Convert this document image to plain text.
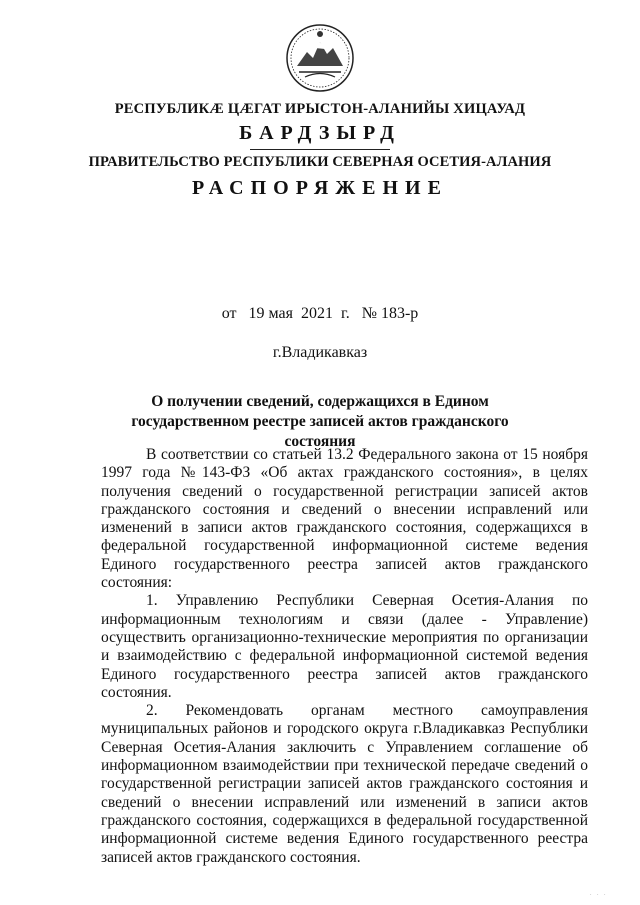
РЕСПУБЛИКӔ ЦӔГАТ ИРЫСТОН-АЛАНИЙЫ ХИЦАУАД
БАРДЗЫРД
ПРАВИТЕЛЬСТВО РЕСПУБЛИКИ СЕВЕРНАЯ ОСЕТИЯ-АЛАНИЯ
РАСПОРЯЖЕНИЕ
от 19 мая  2021  г. № 183-р
г.Владикавказ
О получении сведений, содержащихся в Едином государственном реестре записей актов гражданского состояния

В соответствии со статьей 13.2 Федерального закона от 15 ноября 1997 года №143-ФЗ «Об актах гражданского состояния», в целях получения сведений о государственной регистрации записей актов гражданского состояния и сведений о внесении исправлений или изменений в записи актов гражданского состояния, содержащихся в федеральной государственной информационной системе ведения Единого государственного реестра записей актов гражданского состояния:

1. Управлению Республики Северная Осетия-Алания по информационным технологиям и связи (далее - Управление) осуществить организационно-технические мероприятия по организации и взаимодействию с федеральной информационной системой ведения Единого государственного реестра записей актов гражданского состояния.

2. Рекомендовать органам местного самоуправления муниципальных районов и городского округа г.Владикавказ Республики Северная Осетия-Алания заключить с Управлением соглашение об информационном взаимодействии при технической передаче сведений о государственной регистрации записей актов гражданского состояния и сведений о внесении исправлений или изменений в записи актов гражданского состояния, содержащихся в федеральной государственной информационной системе ведения Единого государственного реестра записей актов гражданского состояния.

. . .
